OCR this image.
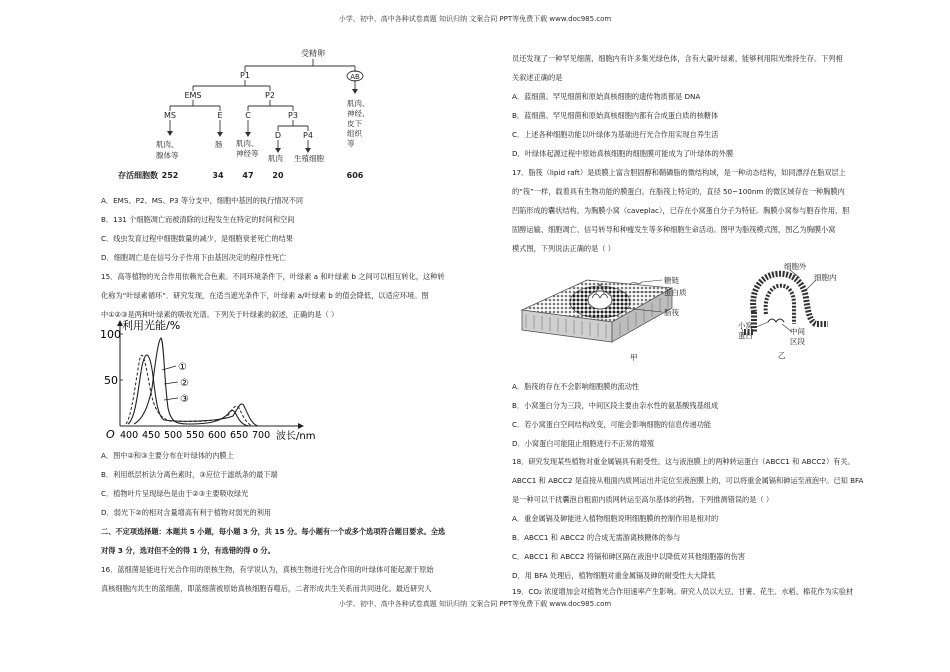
小学、初中、高中各种试卷真题 知识归纳 文案合同 PPT等免费下载 www.doc985.com
受精卵
P1	AB
EMS	P2
MS	E	C	P3
D	P4
肌肉、
腺体等
肠 肌肉、
神经等
肌肉 生殖细胞
肌肉、
神经、
皮下
组织
等
存活细胞数 252	34 47 20	606
A．EMS、P2、MS、P3 等分支中，细胞中基因的执行情况不同
B．131 个细胞凋亡而被清除的过程发生在特定的时间和空间
C．线虫发育过程中细胞数量的减少，是细胞衰老死亡的结果
D．细胞凋亡是在信号分子作用下由基因决定的程序性死亡
15．高等植物的光合作用依赖光合色素。不同环境条件下，叶绿素 a 和叶绿素 b 之间可以相互转化，这种转
化称为“叶绿素循环”．研究发现，在适当遮光条件下，叶绿素 a/叶绿素 b 的值会降低，以适应环境。图
中①②③是两种叶绿素的吸收光谱。下列关于叶绿素的叙述，正确的是（ ）
利用光能/%
100
50
O 400 450 500 550 600 650 700 波长/nm
①
②
③
A．图中②和③主要分布在叶绿体的内膜上
B．利用纸层析法分离色素时，③应位于滤纸条的最下端
C．植物叶片呈现绿色是由于②③主要吸收绿光
D．弱光下②的相对含量增高有利于植物对弱光的利用
二、不定项选择题：本题共 5 小题，每小题 3 分，共 15 分。每小题有一个或多个选项符合题目要求。全选
对得 3 分，选对但不全的得 1 分，有选错的得 0 分。
16．蓝细菌是能进行光合作用的原核生物，有学说认为，真核生物进行光合作用的叶绿体可能起源于原始
真核细胞内共生的蓝细菌，即蓝细菌被原始真核细胞吞噬后，二者形成共生关系而共同进化。最近研究人
员还发现了一种罕见细菌，细胞内有许多集光绿色体，含有大量叶绿素，能够利用阳光维持生存。下列相
关叙述正确的是
A．蓝细菌、罕见细菌和原始真核细胞的遗传物质都是 DNA
B．蓝细菌、罕见细菌和原始真核细胞内都有合成蛋白质的核糖体
C．上述各种细胞功能以叶绿体为基础进行光合作用实现自养生活
D．叶绿体起源过程中原始真核细胞的细胞膜可能成为了叶绿体的外膜
17．脂筏（lipid raft）是质膜上富含胆固醇和鞘磷脂的微结构域，是一种动态结构，如同漂浮在脂双层上
的“筏”一样，载着具有生物功能的膜蛋白。在脂筏上特定的，直径 50~100nm 的微区域存在一种胸膜内
凹陷形成的囊状结构，为胸膜小窝（caveplac），已存在小窝蛋白分子为特征。胸膜小窝参与胞吞作用，胆
固醇运输、细胞凋亡、信号转导和种瘦发生等多种细胞生命活动。图甲为脂筏模式图，图乙为胸膜小窝
模式图，下列说法正确的是（ ）
糖链
蛋白质
脂筏
甲
细胞外
细胞内
小窝
蛋白	中间
区段
乙
A．脂筏的存在不会影响细胞膜的流动性
B．小窝蛋白分为三段，中间区段主要由亲水性的氨基酸残基组成
C．若小窝蛋白空间结构改变，可能会影响细胞的信息传递功能
D．小窝蛋白可能阻止细胞进行不正常的增殖
18．研究发现某些植物对重金属镉具有耐受性，这与液泡膜上的两种转运蛋白（ABCC1 和 ABCC2）有关。
ABCC1 和 ABCC2 是直接从粗面内质网运出并定位至液泡膜上的，可以将重金属镉和砷运至液泡中。已知 BFA
是一种可以干扰囊泡自粗面内质网转运至高尔基体的药物。下列推测错误的是（ ）
A．重金属镉及砷能进入植物细胞说明细胞膜的控制作用是相对的
B．ABCC1 和 ABCC2 的合成无需游离核糖体的参与
C．ABCC1 和 ABCC2 将镉和砷区隔在液泡中以降低对其他细胞器的伤害
D．用 BFA 处理后，植物细胞对重金属镉及砷的耐受性大大降低
19．CO₂ 浓度增加会对植物光合作用速率产生影响。研究人员以大豆、甘薯、花生、水稻、棉花作为实验材
小学、初中、高中各种试卷真题 知识归纳 文案合同 PPT等免费下载 www.doc985.com
